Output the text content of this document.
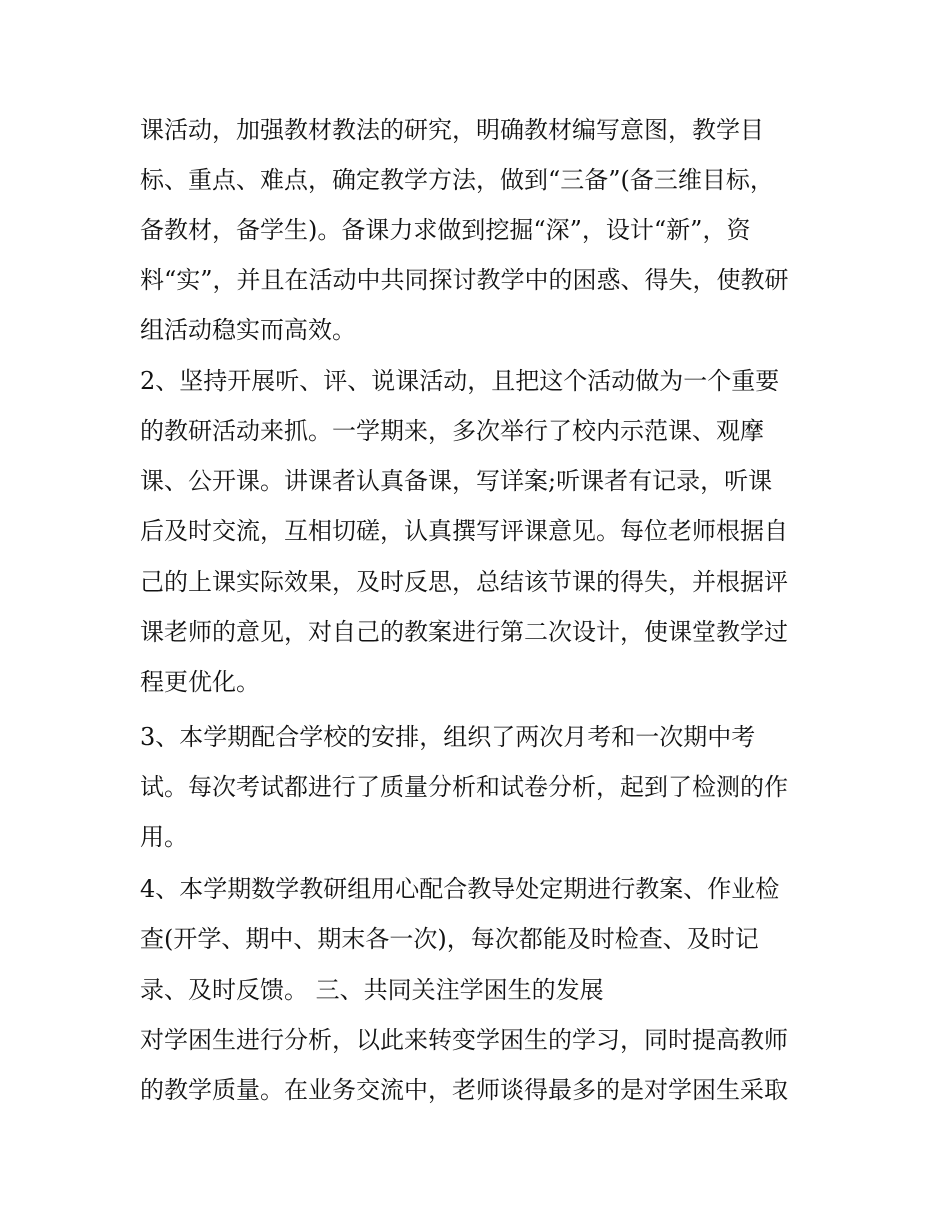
课活动，加强教材教法的研究，明确教材编写意图，教学目

标、重点、难点，确定教学方法，做到“三备”(备三维目标，

备教材，备学生)。备课力求做到挖掘“深”，设计“新”，资

料“实”，并且在活动中共同探讨教学中的困惑、得失，使教研

组活动稳实而高效。

2、坚持开展听、评、说课活动，且把这个活动做为一个重要

的教研活动来抓。一学期来，多次举行了校内示范课、观摩

课、公开课。讲课者认真备课，写详案;听课者有记录，听课

后及时交流，互相切磋，认真撰写评课意见。每位老师根据自

己的上课实际效果，及时反思，总结该节课的得失，并根据评

课老师的意见，对自己的教案进行第二次设计，使课堂教学过

程更优化。

3、本学期配合学校的安排，组织了两次月考和一次期中考

试。每次考试都进行了质量分析和试卷分析，起到了检测的作

用。

4、本学期数学教研组用心配合教导处定期进行教案、作业检

查(开学、期中、期末各一次)，每次都能及时检查、及时记

录、及时反馈。 三、共同关注学困生的发展

对学困生进行分析，以此来转变学困生的学习，同时提高教师

的教学质量。在业务交流中，老师谈得最多的是对学困生采取
